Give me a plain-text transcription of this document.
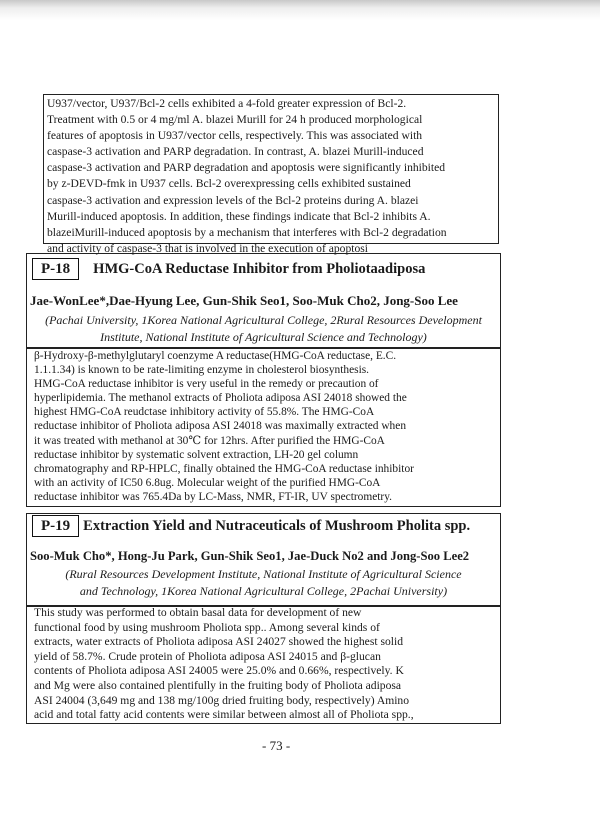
U937/vector, U937/Bcl-2 cells exhibited a 4-fold greater expression of Bcl-2.
Treatment with 0.5 or 4 mg/ml A. blazei Murill for 24 h produced morphological
features of apoptosis in U937/vector cells, respectively. This was associated with
caspase-3 activation and PARP degradation. In contrast, A. blazei Murill-induced
caspase-3 activation and PARP degradation and apoptosis were significantly inhibited
by z-DEVD-fmk in U937 cells. Bcl-2 overexpressing cells exhibited sustained
caspase-3 activation and expression levels of the Bcl-2 proteins during A. blazei
Murill-induced apoptosis. In addition, these findings indicate that Bcl-2 inhibits A.
blazeiMurill-induced apoptosis by a mechanism that interferes with Bcl-2 degradation
and activity of caspase-3 that is involved in the execution of apoptosi
P-18	HMG-CoA Reductase Inhibitor from Pholiotaadiposa
Jae-WonLee*,Dae-Hyung Lee, Gun-Shik Seo1, Soo-Muk Cho2, Jong-Soo Lee
(Pachai University, 1Korea National Agricultural College, 2Rural Resources Development
Institute, National Institute of Agricultural Science and Technology)
β-Hydroxy-β-methylglutaryl coenzyme A reductase(HMG-CoA reductase, E.C.
1.1.1.34) is known to be rate-limiting enzyme in cholesterol biosynthesis.
HMG-CoA reductase inhibitor is very useful in the remedy or precaution of
hyperlipidemia. The methanol extracts of Pholiota adiposa ASI 24018 showed the
highest HMG-CoA reudctase inhibitory activity of 55.8%. The HMG-CoA
reductase inhibitor of Pholiota adiposa ASI 24018 was maximally extracted when
it was treated with methanol at 30℃ for 12hrs. After purified the HMG-CoA
reductase inhibitor by systematic solvent extraction, LH-20 gel column
chromatography and RP-HPLC, finally obtained the HMG-CoA reductase inhibitor
with an activity of IC50 6.8ug. Molecular weight of the purified HMG-CoA
reductase inhibitor was 765.4Da by LC-Mass, NMR, FT-IR, UV spectrometry.
P-19 Extraction Yield and Nutraceuticals of Mushroom Pholita spp.
Soo-Muk Cho*, Hong-Ju Park, Gun-Shik Seo1, Jae-Duck No2 and Jong-Soo Lee2
(Rural Resources Development Institute, National Institute of Agricultural Science
and Technology, 1Korea National Agricultural College, 2Pachai University)
This study was performed to obtain basal data for development of new
functional food by using mushroom Pholiota spp.. Among several kinds of
extracts, water extracts of Pholiota adiposa ASI 24027 showed the highest solid
yield of 58.7%. Crude protein of Pholiota adiposa ASI 24015 and β-glucan
contents of Pholiota adiposa ASI 24005 were 25.0% and 0.66%, respectively. K
and Mg were also contained plentifully in the fruiting body of Pholiota adiposa
ASI 24004 (3,649 mg and 138 mg/100g dried fruiting body, respectively) Amino
acid and total fatty acid contents were similar between almost all of Pholiota spp.,
- 73 -
